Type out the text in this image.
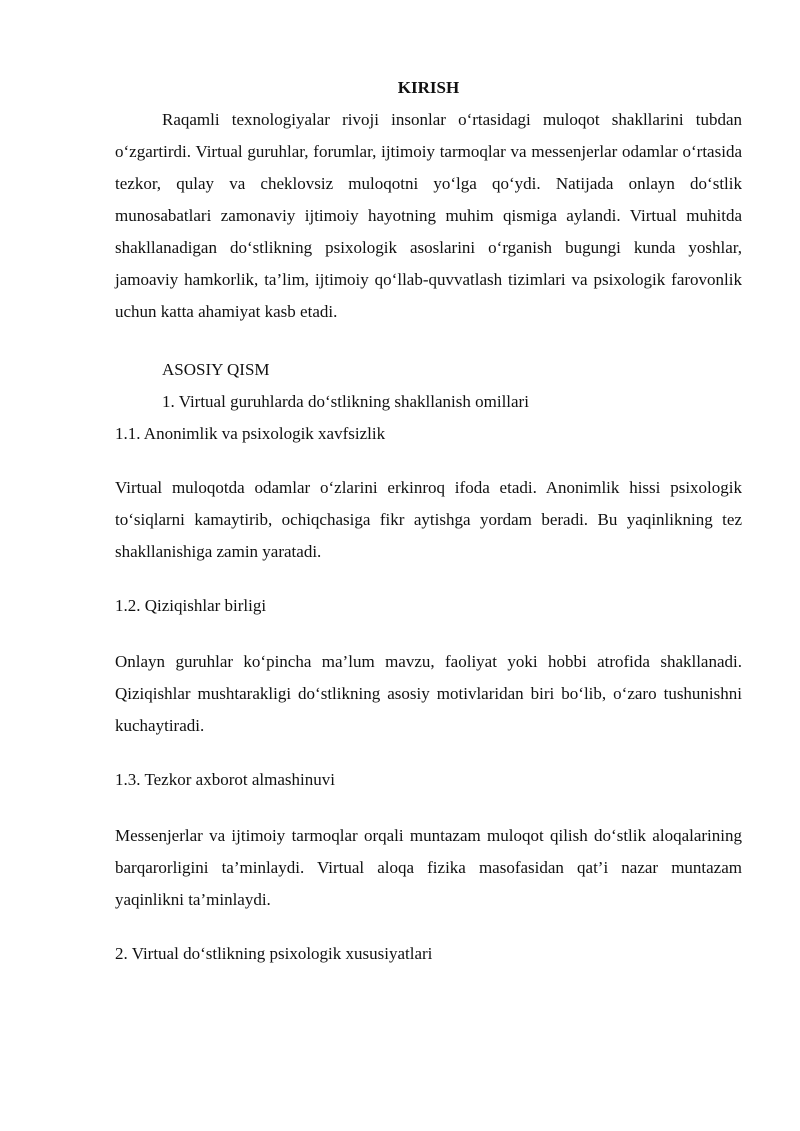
KIRISH

Raqamli texnologiyalar rivoji insonlar o‘rtasidagi muloqot shakllarini tubdan o‘zgartirdi. Virtual guruhlar, forumlar, ijtimoiy tarmoqlar va messenjerlar odamlar o‘rtasida tezkor, qulay va cheklovsiz muloqotni yo‘lga qo‘ydi. Natijada onlayn do‘stlik munosabatlari zamonaviy ijtimoiy hayotning muhim qismiga aylandi. Virtual muhitda shakllanadigan do‘stlikning psixologik asoslarini o‘rganish bugungi kunda yoshlar, jamoaviy hamkorlik, ta’lim, ijtimoiy qo‘llab-quvvatlash tizimlari va psixologik farovonlik uchun katta ahamiyat kasb etadi.

ASOSIY QISM

1. Virtual guruhlarda do‘stlikning shakllanish omillari

1.1. Anonimlik va psixologik xavfsizlik

Virtual muloqotda odamlar o‘zlarini erkinroq ifoda etadi. Anonimlik hissi psixologik to‘siqlarni kamaytirib, ochiqchasiga fikr aytishga yordam beradi. Bu yaqinlikning tez shakllanishiga zamin yaratadi.

1.2. Qiziqishlar birligi

Onlayn guruhlar ko‘pincha ma’lum mavzu, faoliyat yoki hobbi atrofida shakllanadi. Qiziqishlar mushtarakligi do‘stlikning asosiy motivlaridan biri bo‘lib, o‘zaro tushunishni kuchaytiradi.

1.3. Tezkor axborot almashinuvi

Messenjerlar va ijtimoiy tarmoqlar orqali muntazam muloqot qilish do‘stlik aloqalarining barqarorligini ta’minlaydi. Virtual aloqa fizika masofasidan qat’i nazar muntazam yaqinlikni ta’minlaydi.

2. Virtual do‘stlikning psixologik xususiyatlari
